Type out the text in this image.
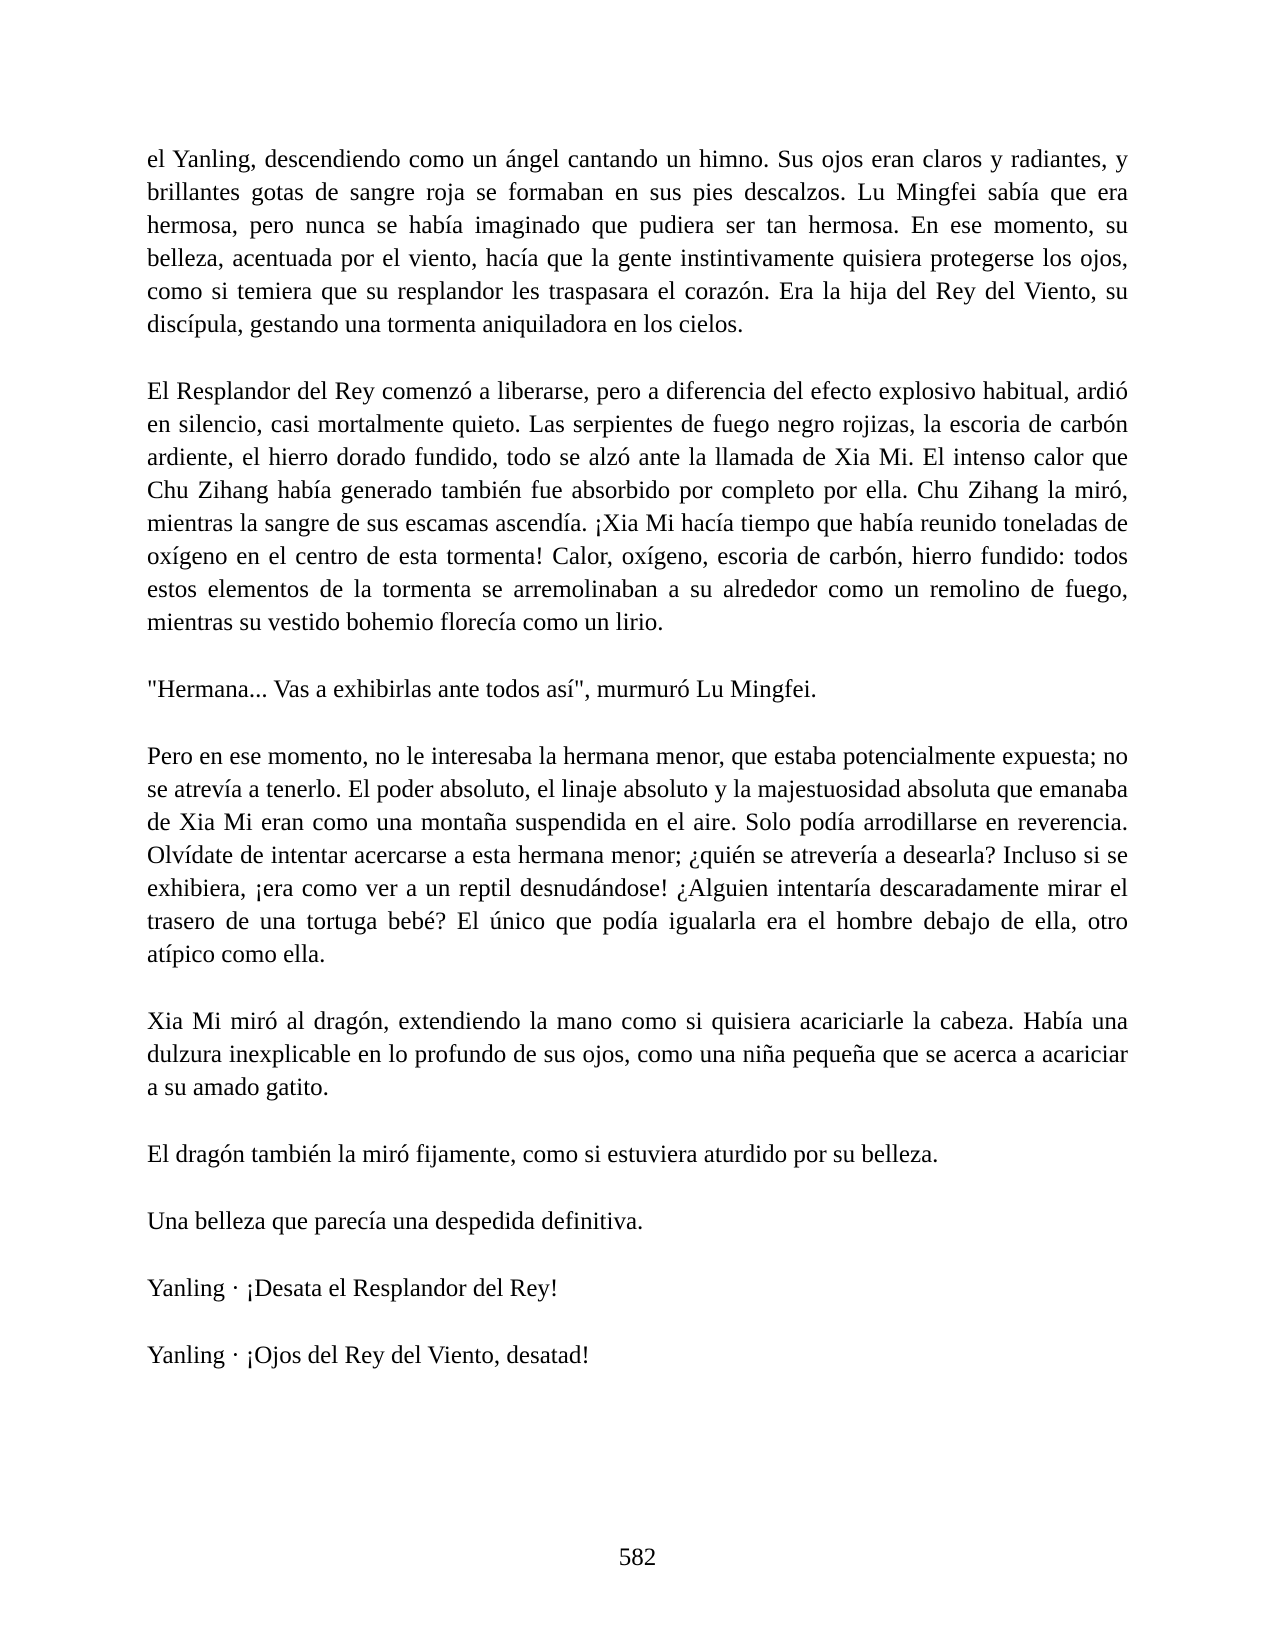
el Yanling, descendiendo como un ángel cantando un himno. Sus ojos eran claros y radiantes, y brillantes gotas de sangre roja se formaban en sus pies descalzos. Lu Mingfei sabía que era hermosa, pero nunca se había imaginado que pudiera ser tan hermosa. En ese momento, su belleza, acentuada por el viento, hacía que la gente instintivamente quisiera protegerse los ojos, como si temiera que su resplandor les traspasara el corazón. Era la hija del Rey del Viento, su discípula, gestando una tormenta aniquiladora en los cielos.

El Resplandor del Rey comenzó a liberarse, pero a diferencia del efecto explosivo habitual, ardió en silencio, casi mortalmente quieto. Las serpientes de fuego negro rojizas, la escoria de carbón ardiente, el hierro dorado fundido, todo se alzó ante la llamada de Xia Mi. El intenso calor que Chu Zihang había generado también fue absorbido por completo por ella. Chu Zihang la miró, mientras la sangre de sus escamas ascendía. ¡Xia Mi hacía tiempo que había reunido toneladas de oxígeno en el centro de esta tormenta! Calor, oxígeno, escoria de carbón, hierro fundido: todos estos elementos de la tormenta se arremolinaban a su alrededor como un remolino de fuego, mientras su vestido bohemio florecía como un lirio.

"Hermana... Vas a exhibirlas ante todos así", murmuró Lu Mingfei.

Pero en ese momento, no le interesaba la hermana menor, que estaba potencialmente expuesta; no se atrevía a tenerlo. El poder absoluto, el linaje absoluto y la majestuosidad absoluta que emanaba de Xia Mi eran como una montaña suspendida en el aire. Solo podía arrodillarse en reverencia. Olvídate de intentar acercarse a esta hermana menor; ¿quién se atrevería a desearla? Incluso si se exhibiera, ¡era como ver a un reptil desnudándose! ¿Alguien intentaría descaradamente mirar el trasero de una tortuga bebé? El único que podía igualarla era el hombre debajo de ella, otro atípico como ella.

Xia Mi miró al dragón, extendiendo la mano como si quisiera acariciarle la cabeza. Había una dulzura inexplicable en lo profundo de sus ojos, como una niña pequeña que se acerca a acariciar a su amado gatito.

El dragón también la miró fijamente, como si estuviera aturdido por su belleza.

Una belleza que parecía una despedida definitiva.

Yanling · ¡Desata el Resplandor del Rey!

Yanling · ¡Ojos del Rey del Viento, desatad!

582
